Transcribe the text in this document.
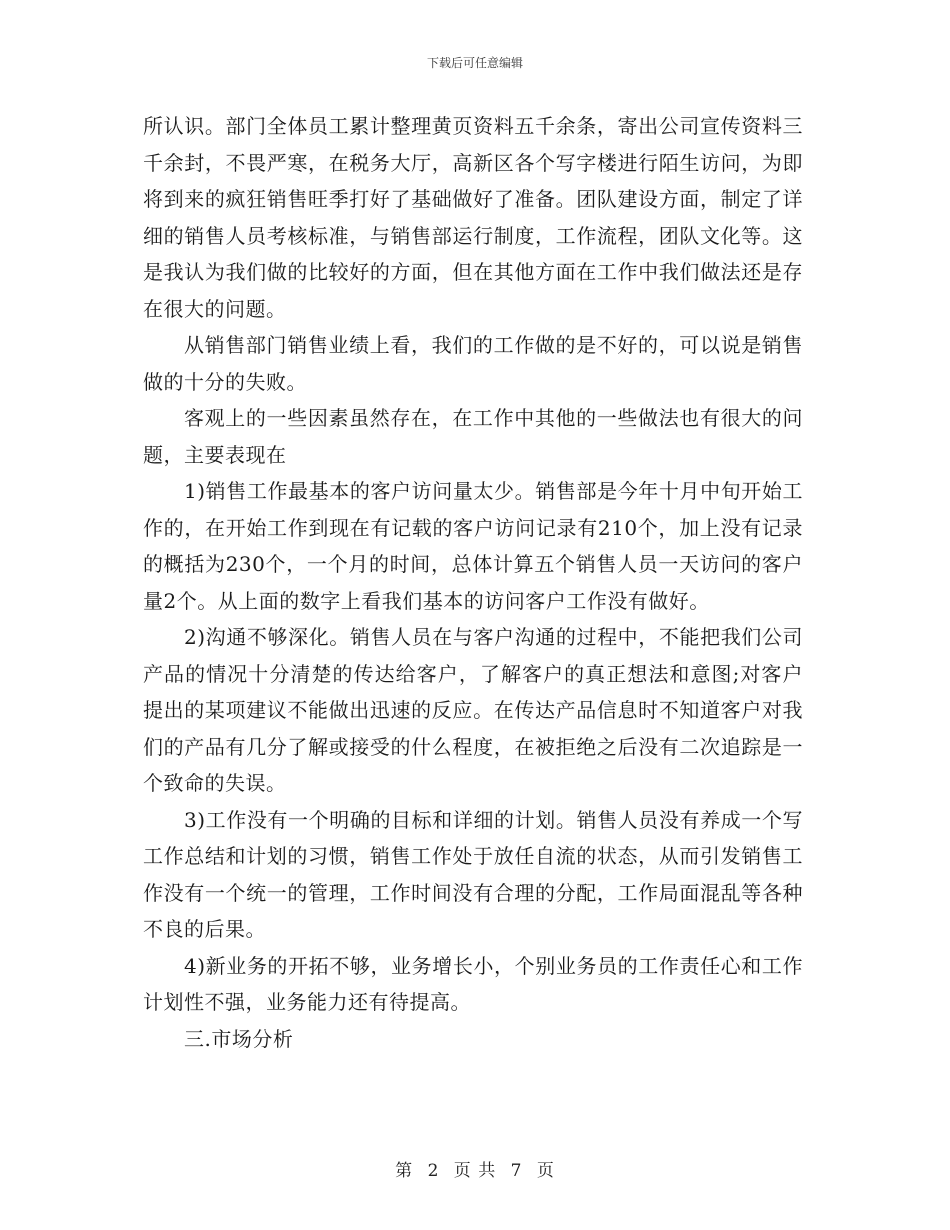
下载后可任意编辑

所认识。部门全体员工累计整理黄页资料五千余条，寄出公司宣传资料三千余封，不畏严寒，在税务大厅，高新区各个写字楼进行陌生访问，为即将到来的疯狂销售旺季打好了基础做好了准备。团队建设方面，制定了详细的销售人员考核标准，与销售部运行制度，工作流程，团队文化等。这是我认为我们做的比较好的方面，但在其他方面在工作中我们做法还是存在很大的问题。

从销售部门销售业绩上看，我们的工作做的是不好的，可以说是销售做的十分的失败。

客观上的一些因素虽然存在，在工作中其他的一些做法也有很大的问题，主要表现在

1)销售工作最基本的客户访问量太少。销售部是今年十月中旬开始工作的，在开始工作到现在有记载的客户访问记录有210个，加上没有记录的概括为230个，一个月的时间，总体计算五个销售人员一天访问的客户量2个。从上面的数字上看我们基本的访问客户工作没有做好。

2)沟通不够深化。销售人员在与客户沟通的过程中，不能把我们公司产品的情况十分清楚的传达给客户，了解客户的真正想法和意图;对客户提出的某项建议不能做出迅速的反应。在传达产品信息时不知道客户对我们的产品有几分了解或接受的什么程度，在被拒绝之后没有二次追踪是一个致命的失误。

3)工作没有一个明确的目标和详细的计划。销售人员没有养成一个写工作总结和计划的习惯，销售工作处于放任自流的状态，从而引发销售工作没有一个统一的管理，工作时间没有合理的分配，工作局面混乱等各种不良的后果。

4)新业务的开拓不够，业务增长小，个别业务员的工作责任心和工作计划性不强，业务能力还有待提高。

三.市场分析

第 2 页 共 7 页
